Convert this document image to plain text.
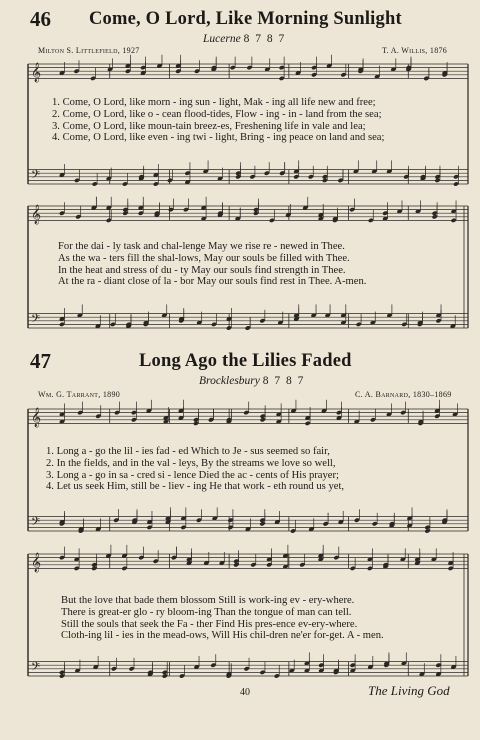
46 Come, O Lord, Like Morning Sunlight
Lucerne 8 7 8 7
Milton S. Littlefield, 1927	T. A. Willis, 1876
𝄞
𝄢
1. Come, O Lord, like morn - ing sun - light, Mak - ing all life new and free;
2. Come, O Lord, like o - cean flood-tides, Flow - ing - in - land from the sea;
3. Come, O Lord, like moun-tain breez-es, Freshening life in vale and lea;
4. Come, O Lord, like even - ing twi - light, Bring - ing peace on land and sea;
𝄞
𝄢
For the dai - ly task and chal-lenge May we rise re - newed in Thee.
As the wa - ters fill the shal-lows, May our souls be filled with Thee.
In the heat and stress of du - ty May our souls find strength in Thee.
At the ra - diant close of la - bor May our souls find rest in Thee. A-men.
47	Long Ago the Lilies Faded
Brocklesbury 8 7 8 7
Wm. G. Tarrant, 1890	C. A. Barnard, 1830–1869
𝄞
𝄢
1. Long a - go the lil - ies fad - ed Which to Je - sus seemed so fair,
2. In the fields, and in the val - leys, By the streams we love so well,
3. Long a - go in sa - cred si - lence Died the ac - cents of His prayer;
4. Let us seek Him, still be - liev - ing He that work - eth round us yet,
𝄞
𝄢
But the love that bade them blossom Still is work-ing ev - ery-where.
There is great-er glo - ry bloom-ing Than the tongue of man can tell.
Still the souls that seek the Fa - ther Find His pres-ence ev-ery-where.
Cloth-ing lil - ies in the mead-ows, Will His chil-dren ne'er for-get. A - men.
40	The Living God
